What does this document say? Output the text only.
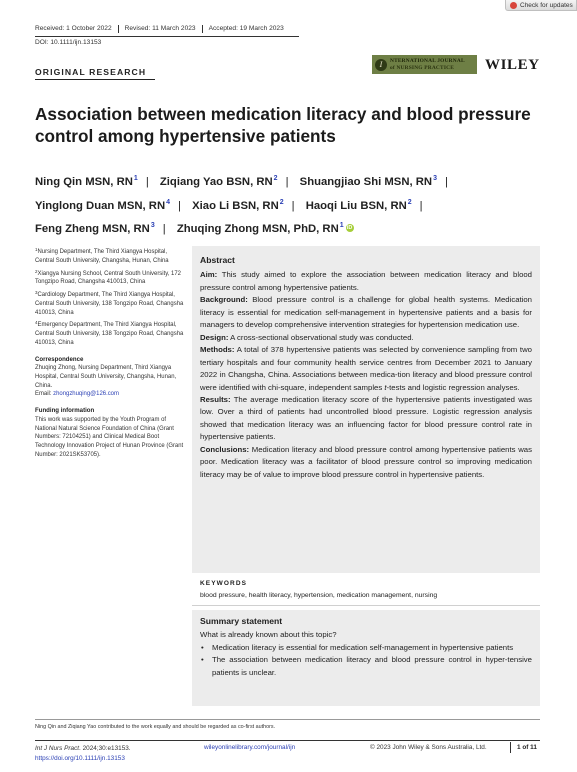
Check for updates
Received: 1 October 2022	Revised: 11 March 2023	Accepted: 19 March 2023
DOI: 10.1111/ijn.13153
ORIGINAL RESEARCH
I	NTERNATIONAL JOURNAL
of NURSING PRACTICE	WILEY
Association between medication literacy and blood pressure control among hypertensive patients
Ning Qin MSN, $RN^1$ | Ziqiang Yao BSN, $RN^2$ | Shuangjiao Shi MSN, $RN^3$ |
Yinglong Duan MSN, $RN^4$ | Xiao Li BSN, $RN^2$ | Haoqi Liu BSN, $RN^2$ |
Feng Zheng MSN, $RN^3$ | Zhuqing Zhong MSN, PhD, $RN^1$ iD
$^1$Nursing Department, The Third Xiangya Hospital, Central South University, Changsha, Hunan, China
$^2$Xiangya Nursing School, Central South University, 172 Tongzipo Road, Changsha 410013, China
$^3$Cardiology Department, The Third Xiangya Hospital, Central South University, 138 Tongzipo Road, Changsha 410013, China
$^4$Emergency Department, The Third Xiangya Hospital, Central South University, 138 Tongzipo Road, Changsha 410013, China
Correspondence
Zhuqing Zhong, Nursing Department, Third Xiangya Hospital, Central South University, Changsha, Hunan, China.
Email: zhongzhuqing@126.com
Funding information
This work was supported by the Youth Program of National Natural Science Foundation of China (Grant Numbers: 72104251) and Clinical Medical Boot Technology Innovation Project of Hunan Province (Grant Number: 2021SK53705).
Abstract

Aim: This study aimed to explore the association between medication literacy and blood pressure control among hypertensive patients.

Background: Blood pressure control is a challenge for global health systems. Medication literacy is essential for medication self-management in hypertensive patients and a basis for managers to develop comprehensive intervention strategies for hypertension medication use.

Design: A cross-sectional observational study was conducted.

Methods: A total of 378 hypertensive patients was selected by convenience sampling from two tertiary hospitals and four community health service centres from December 2021 to January 2022 in Changsha, China. Associations between medica-tion literacy and blood pressure control were identified with chi-square, independent samples t-tests and logistic regression analyses.

Results: The average medication literacy score of the hypertensive patients investigated was low. Over a third of patients had uncontrolled blood pressure. Logistic regression analysis showed that medication literacy was an influencing factor for blood pressure control rate in hypertensive patients.

Conclusions: Medication literacy and blood pressure control among hypertensive patients was poor. Medication literacy was a facilitator of blood pressure control so improving medication literacy may be of value to improve blood pressure control in hypertensive patients.

KEYWORDS
blood pressure, health literacy, hypertension, medication management, nursing
Summary statement
What is already known about this topic?
• Medication literacy is essential for medication self-management in hypertensive patients
• The association between medication literacy and blood pressure control in hyper-tensive patients is unclear.
Ning Qin and Ziqiang Yao contributed to the work equally and should be regarded as co-first authors.
Int J Nurs Pract. 2024;30:e13153.
https://doi.org/10.1111/ijn.13153
wileyonlinelibrary.com/journal/ijn	© 2023 John Wiley & Sons Australia, Ltd.	1 of 11
